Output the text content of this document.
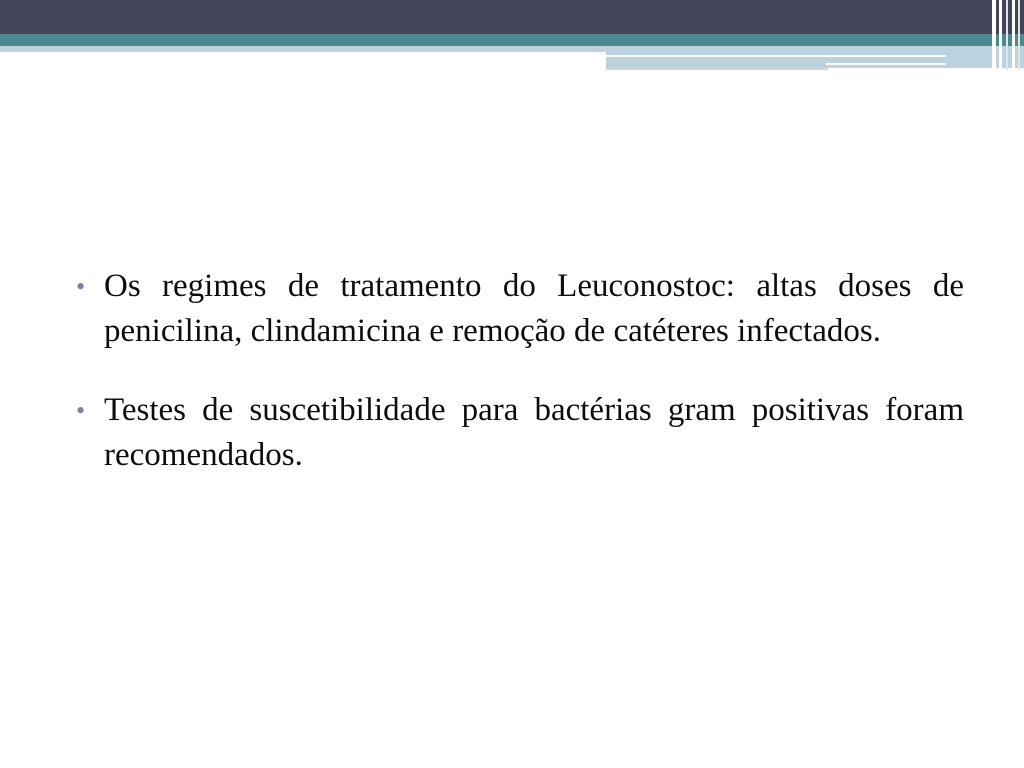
• Os regimes de tratamento do Leuconostoc: altas doses de penicilina, clindamicina e remoção de catéteres infectados.
• Testes de suscetibilidade para bactérias gram positivas foram recomendados.
